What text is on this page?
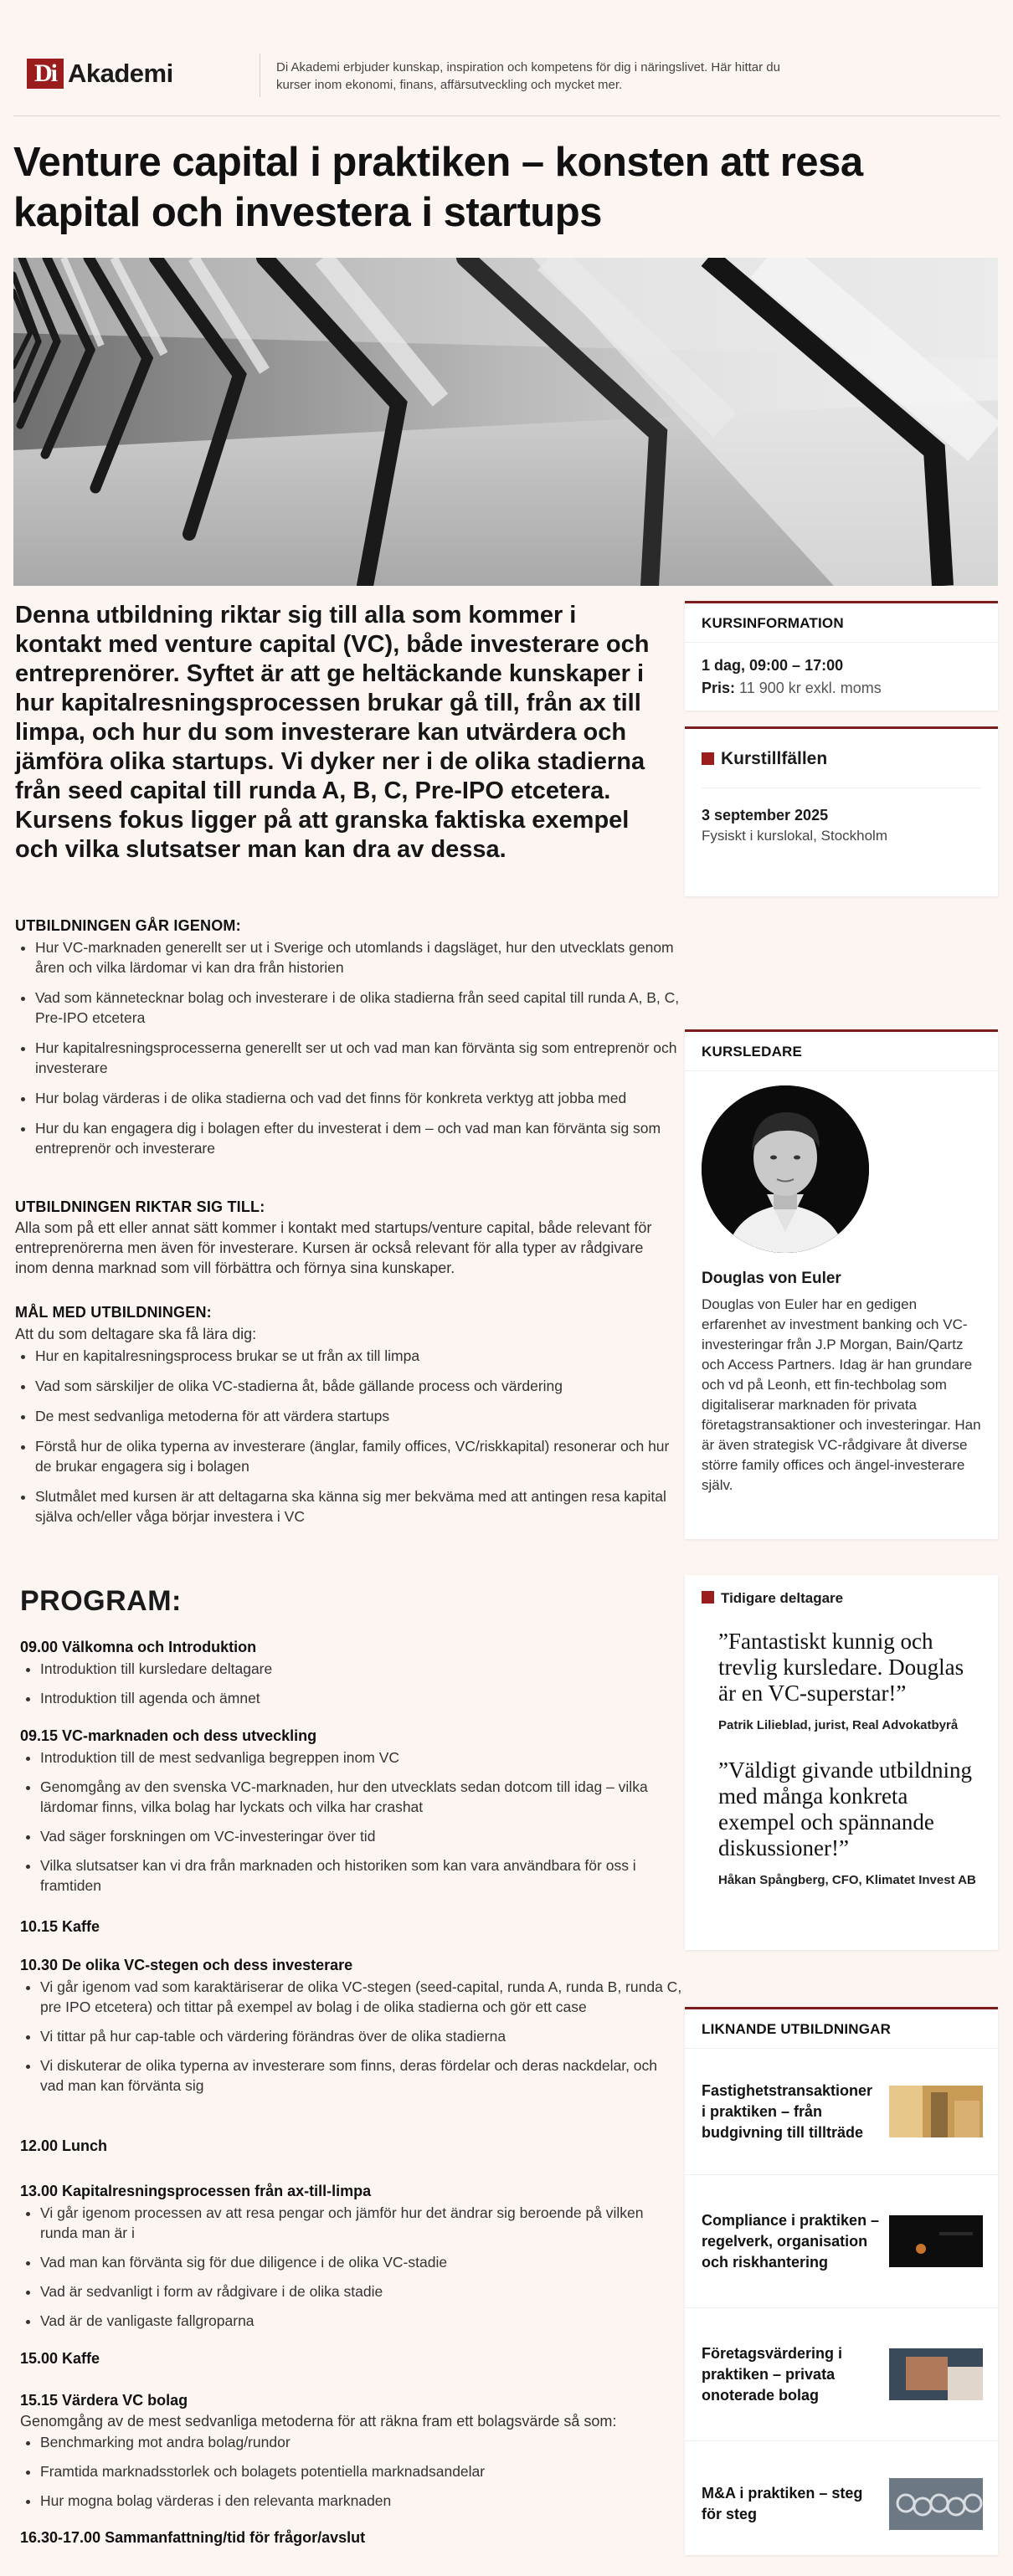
Di Akademi	Di Akademi erbjuder kunskap, inspiration och kompetens för dig i näringslivet. Här hittar du kurser inom ekonomi, finans, affärsutveckling och mycket mer.
Venture capital i praktiken – konsten att resa kapital och investera i startups

Denna utbildning riktar sig till alla som kommer i kontakt med venture capital (VC), både investerare och entreprenörer. Syftet är att ge heltäckande kunskaper i hur kapitalresningsprocessen brukar gå till, från ax till limpa, och hur du som investerare kan utvärdera och jämföra olika startups. Vi dyker ner i de olika stadierna från seed capital till runda A, B, C, Pre-IPO etcetera. Kursens fokus ligger på att granska faktiska exempel och vilka slutsatser man kan dra av dessa.

UTBILDNINGEN GÅR IGENOM:
• Hur VC-marknaden generellt ser ut i Sverige och utomlands i dagsläget, hur den utvecklats genom åren och vilka lärdomar vi kan dra från historien
• Vad som kännetecknar bolag och investerare i de olika stadierna från seed capital till runda A, B, C, Pre-IPO etcetera
• Hur kapitalresningsprocesserna generellt ser ut och vad man kan förvänta sig som entreprenör och investerare
• Hur bolag värderas i de olika stadierna och vad det finns för konkreta verktyg att jobba med
• Hur du kan engagera dig i bolagen efter du investerat i dem – och vad man kan förvänta sig som entreprenör och investerare
UTBILDNINGEN RIKTAR SIG TILL:

Alla som på ett eller annat sätt kommer i kontakt med startups/venture capital, både relevant för entreprenörerna men även för investerare. Kursen är också relevant för alla typer av rådgivare inom denna marknad som vill förbättra och förnya sina kunskaper.

MÅL MED UTBILDNINGEN:

Att du som deltagare ska få lära dig:

• Hur en kapitalresningsprocess brukar se ut från ax till limpa
• Vad som särskiljer de olika VC-stadierna åt, både gällande process och värdering
• De mest sedvanliga metoderna för att värdera startups
• Förstå hur de olika typerna av investerare (änglar, family offices, VC/riskkapital) resonerar och hur de brukar engagera sig i bolagen
• Slutmålet med kursen är att deltagarna ska känna sig mer bekväma med att antingen resa kapital själva och/eller våga börjar investera i VC
PROGRAM:
09.00 Välkomna och Introduktion
• Introduktion till kursledare deltagare
• Introduktion till agenda och ämnet
09.15 VC-marknaden och dess utveckling
• Introduktion till de mest sedvanliga begreppen inom VC
• Genomgång av den svenska VC-marknaden, hur den utvecklats sedan dotcom till idag – vilka lärdomar finns, vilka bolag har lyckats och vilka har crashat
• Vad säger forskningen om VC-investeringar över tid
• Vilka slutsatser kan vi dra från marknaden och historiken som kan vara användbara för oss i framtiden
10.15 Kaffe
10.30 De olika VC-stegen och dess investerare
• Vi går igenom vad som karaktäriserar de olika VC-stegen (seed-capital, runda A, runda B, runda C, pre IPO etcetera) och tittar på exempel av bolag i de olika stadierna och gör ett case
• Vi tittar på hur cap-table och värdering förändras över de olika stadierna
• Vi diskuterar de olika typerna av investerare som finns, deras fördelar och deras nackdelar, och vad man kan förvänta sig
12.00 Lunch
13.00 Kapitalresningsprocessen från ax-till-limpa
• Vi går igenom processen av att resa pengar och jämför hur det ändrar sig beroende på vilken runda man är i
• Vad man kan förvänta sig för due diligence i de olika VC-stadie
• Vad är sedvanligt i form av rådgivare i de olika stadie
• Vad är de vanligaste fallgroparna
15.00 Kaffe
15.15 Värdera VC bolag

Genomgång av de mest sedvanliga metoderna för att räkna fram ett bolagsvärde så som:

• Benchmarking mot andra bolag/rundor
• Framtida marknadsstorlek och bolagets potentiella marknadsandelar
• Hur mogna bolag värderas i den relevanta marknaden
16.30-17.00 Sammanfattning/tid för frågor/avslut
KURSINFORMATION
1 dag, 09:00 – 17:00
Pris: 11 900 kr exkl. moms
Kurstillfällen
3 september 2025
Fysiskt i kurslokal, Stockholm
KURSLEDARE
Douglas von Euler
Douglas von Euler har en gedigen erfarenhet av investment banking och VC-investeringar från J.P Morgan, Bain/Qartz och Access Partners. Idag är han grundare och vd på Leonh, ett fin-techbolag som digitaliserar marknaden för privata företagstransaktioner och investeringar. Han är även strategisk VC-rådgivare åt diverse större family offices och ängel-investerare själv.
Tidigare deltagare

”Fantastiskt kunnig och trevlig kursledare. Douglas är en VC-superstar!”

Patrik Lilieblad, jurist, Real Advokatbyrå

”Väldigt givande utbildning med många konkreta exempel och spännande diskussioner!”

Håkan Spångberg, CFO, Klimatet Invest AB

LIKNANDE UTBILDNINGAR
Fastighetstransaktioner i praktiken – från budgivning till tillträde
Compliance i praktiken – regelverk, organisation och riskhantering
Företagsvärdering i praktiken – privata onoterade bolag
M&A i praktiken – steg för steg
